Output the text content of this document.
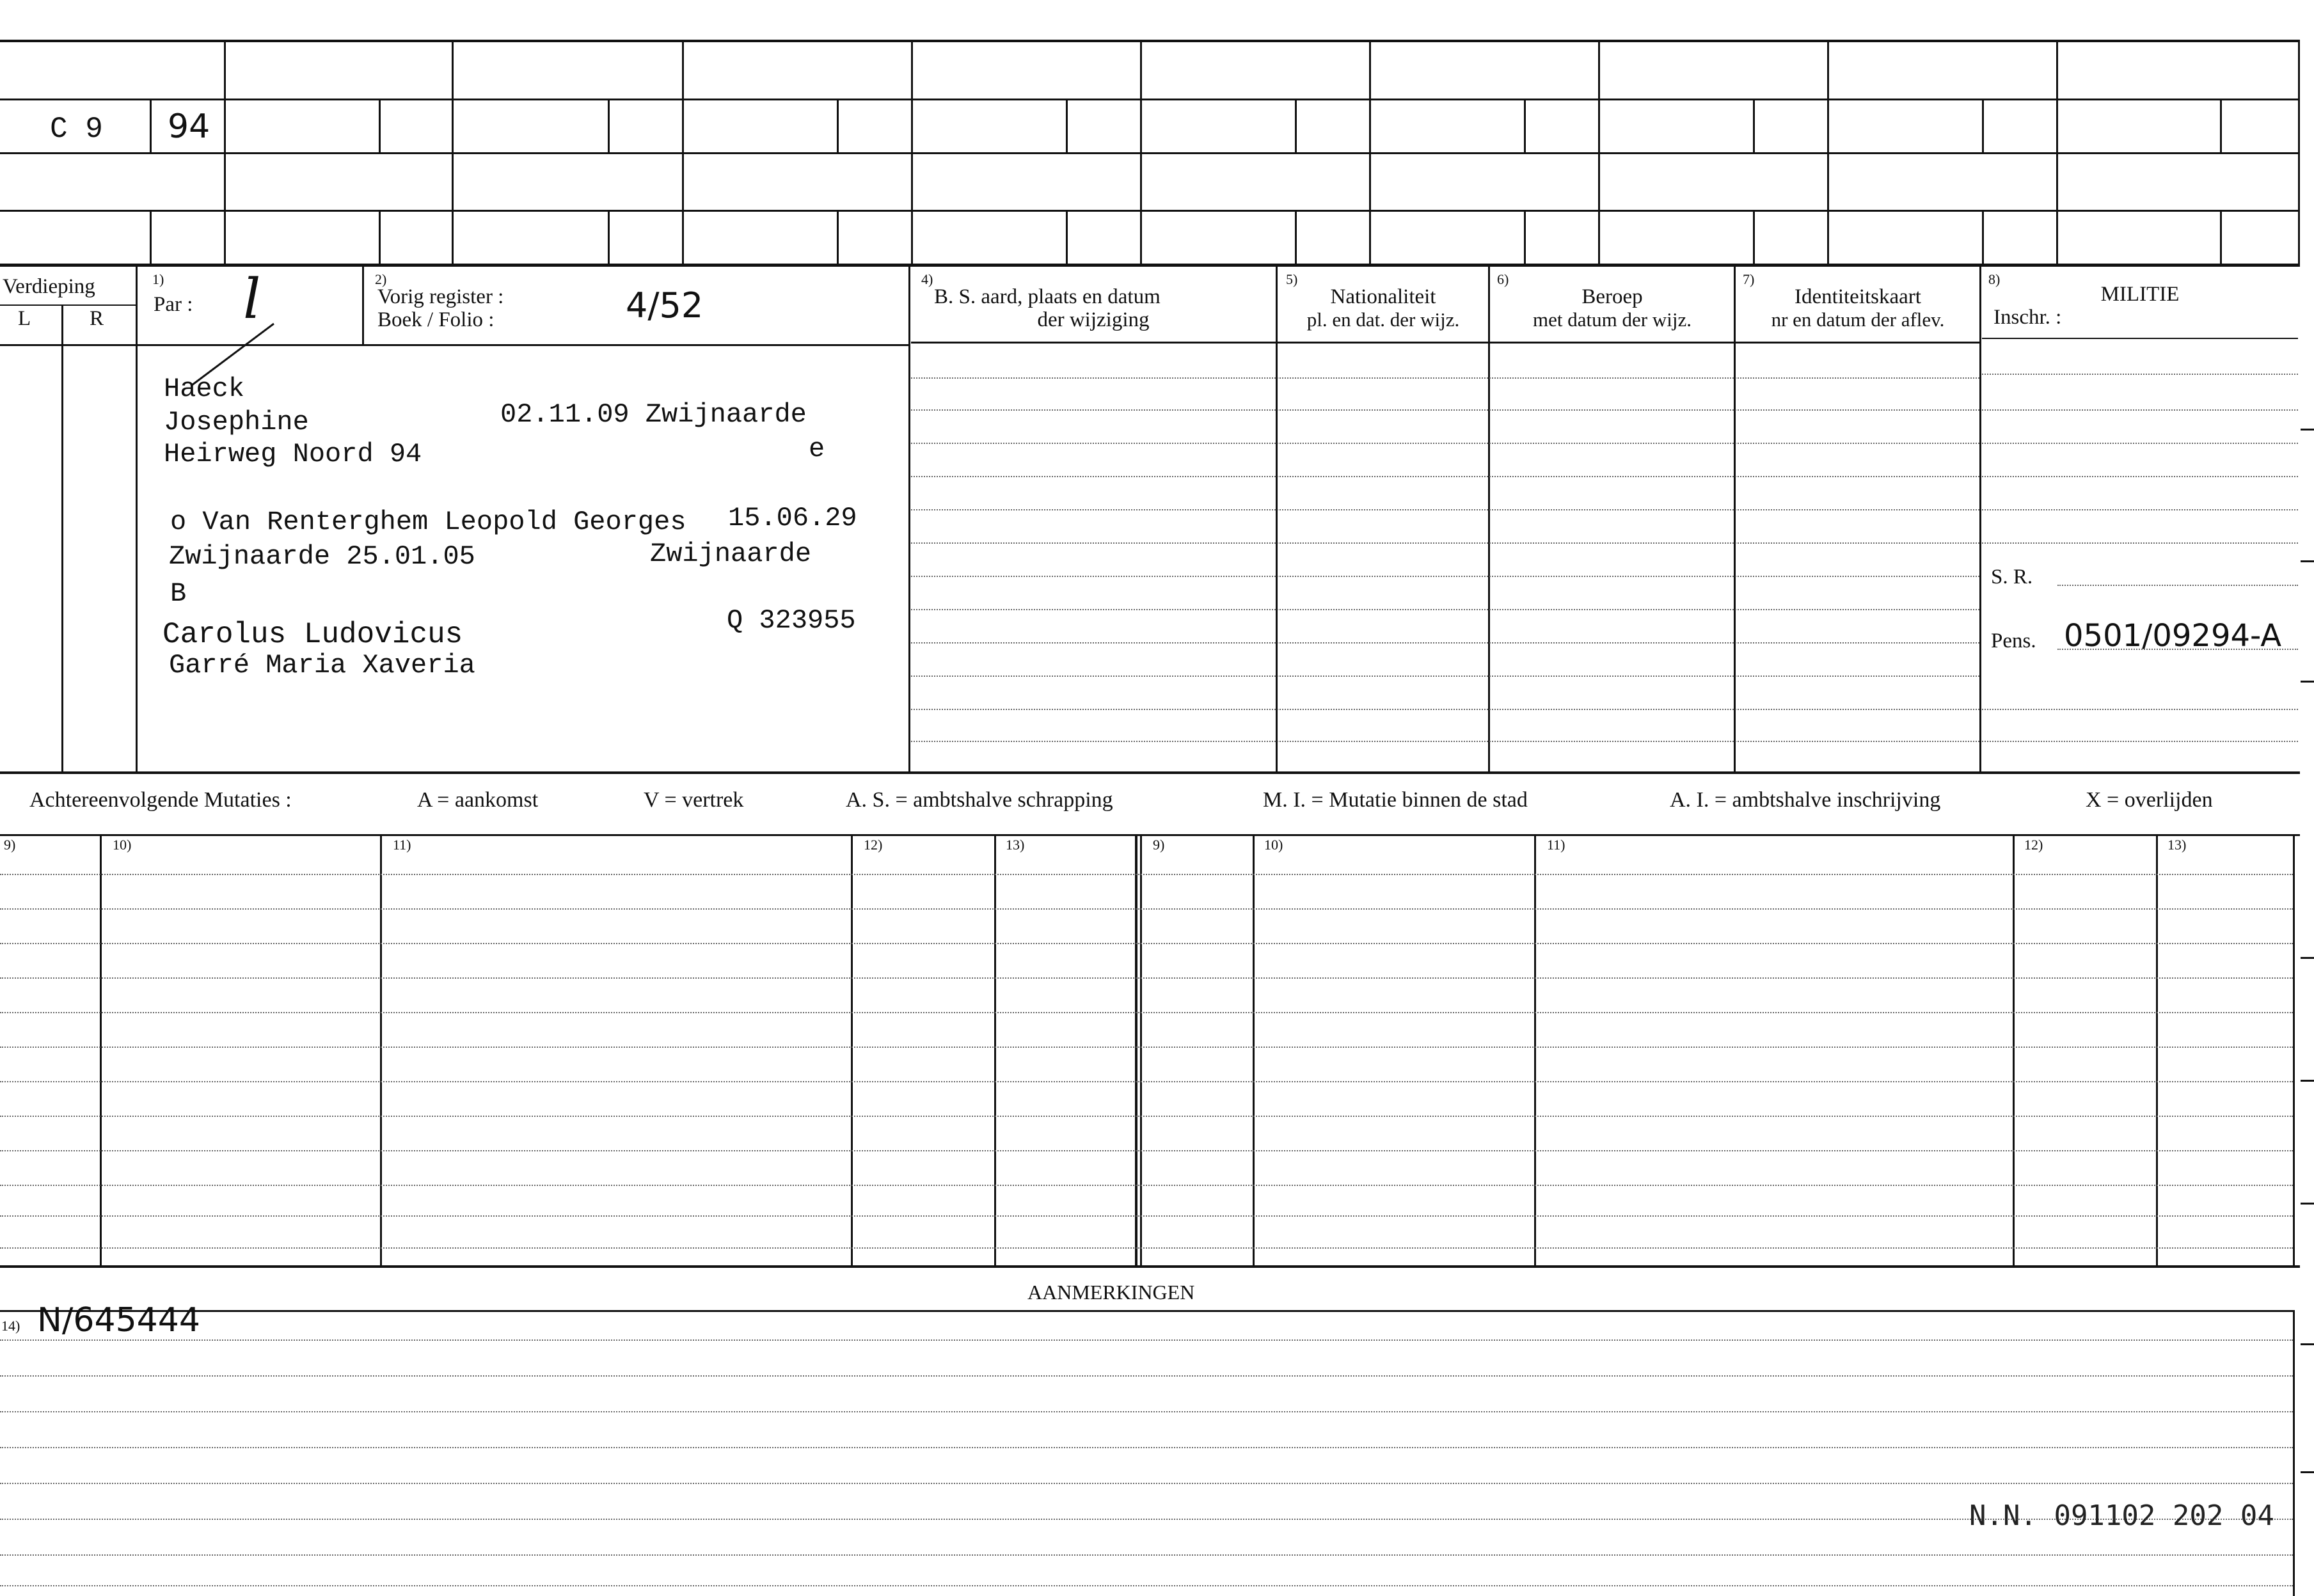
C 9 94
Verdieping
L	R
1)
Par : l	2)
Vorig register :
Boek / Folio :	4/52
4)
B. S. aard, plaats en datum
der wijziging
5)
Nationaliteit
pl. en dat. der wijz.
6)
Beroep
met datum der wijz.
7)
Identiteitskaart
nr en datum der aflev.
8)
MILITIE
Inschr. :
Haeck
Josephine	02.11.09 Zwijnaarde
e
Heirweg Noord 94
o Van Renterghem Leopold Georges 15.06.29
Zwijnaarde 25.01.05	Zwijnaarde
B
Q 323955
Carolus Ludovicus
Garré Maria Xaveria
S. R.
Pens. 0501/09294-A
Achtereenvolgende Mutaties :	A = aankomst	V = vertrek	A. S. = ambtshalve schrapping	M. I. = Mutatie binnen de stad	A. I. = ambtshalve inschrijving	X = overlijden
9)	10)	11)	12)	13)	9)	10)	11)	12)	13)
AANMERKINGEN
14) N/645444
N.N. 091102 202 04
